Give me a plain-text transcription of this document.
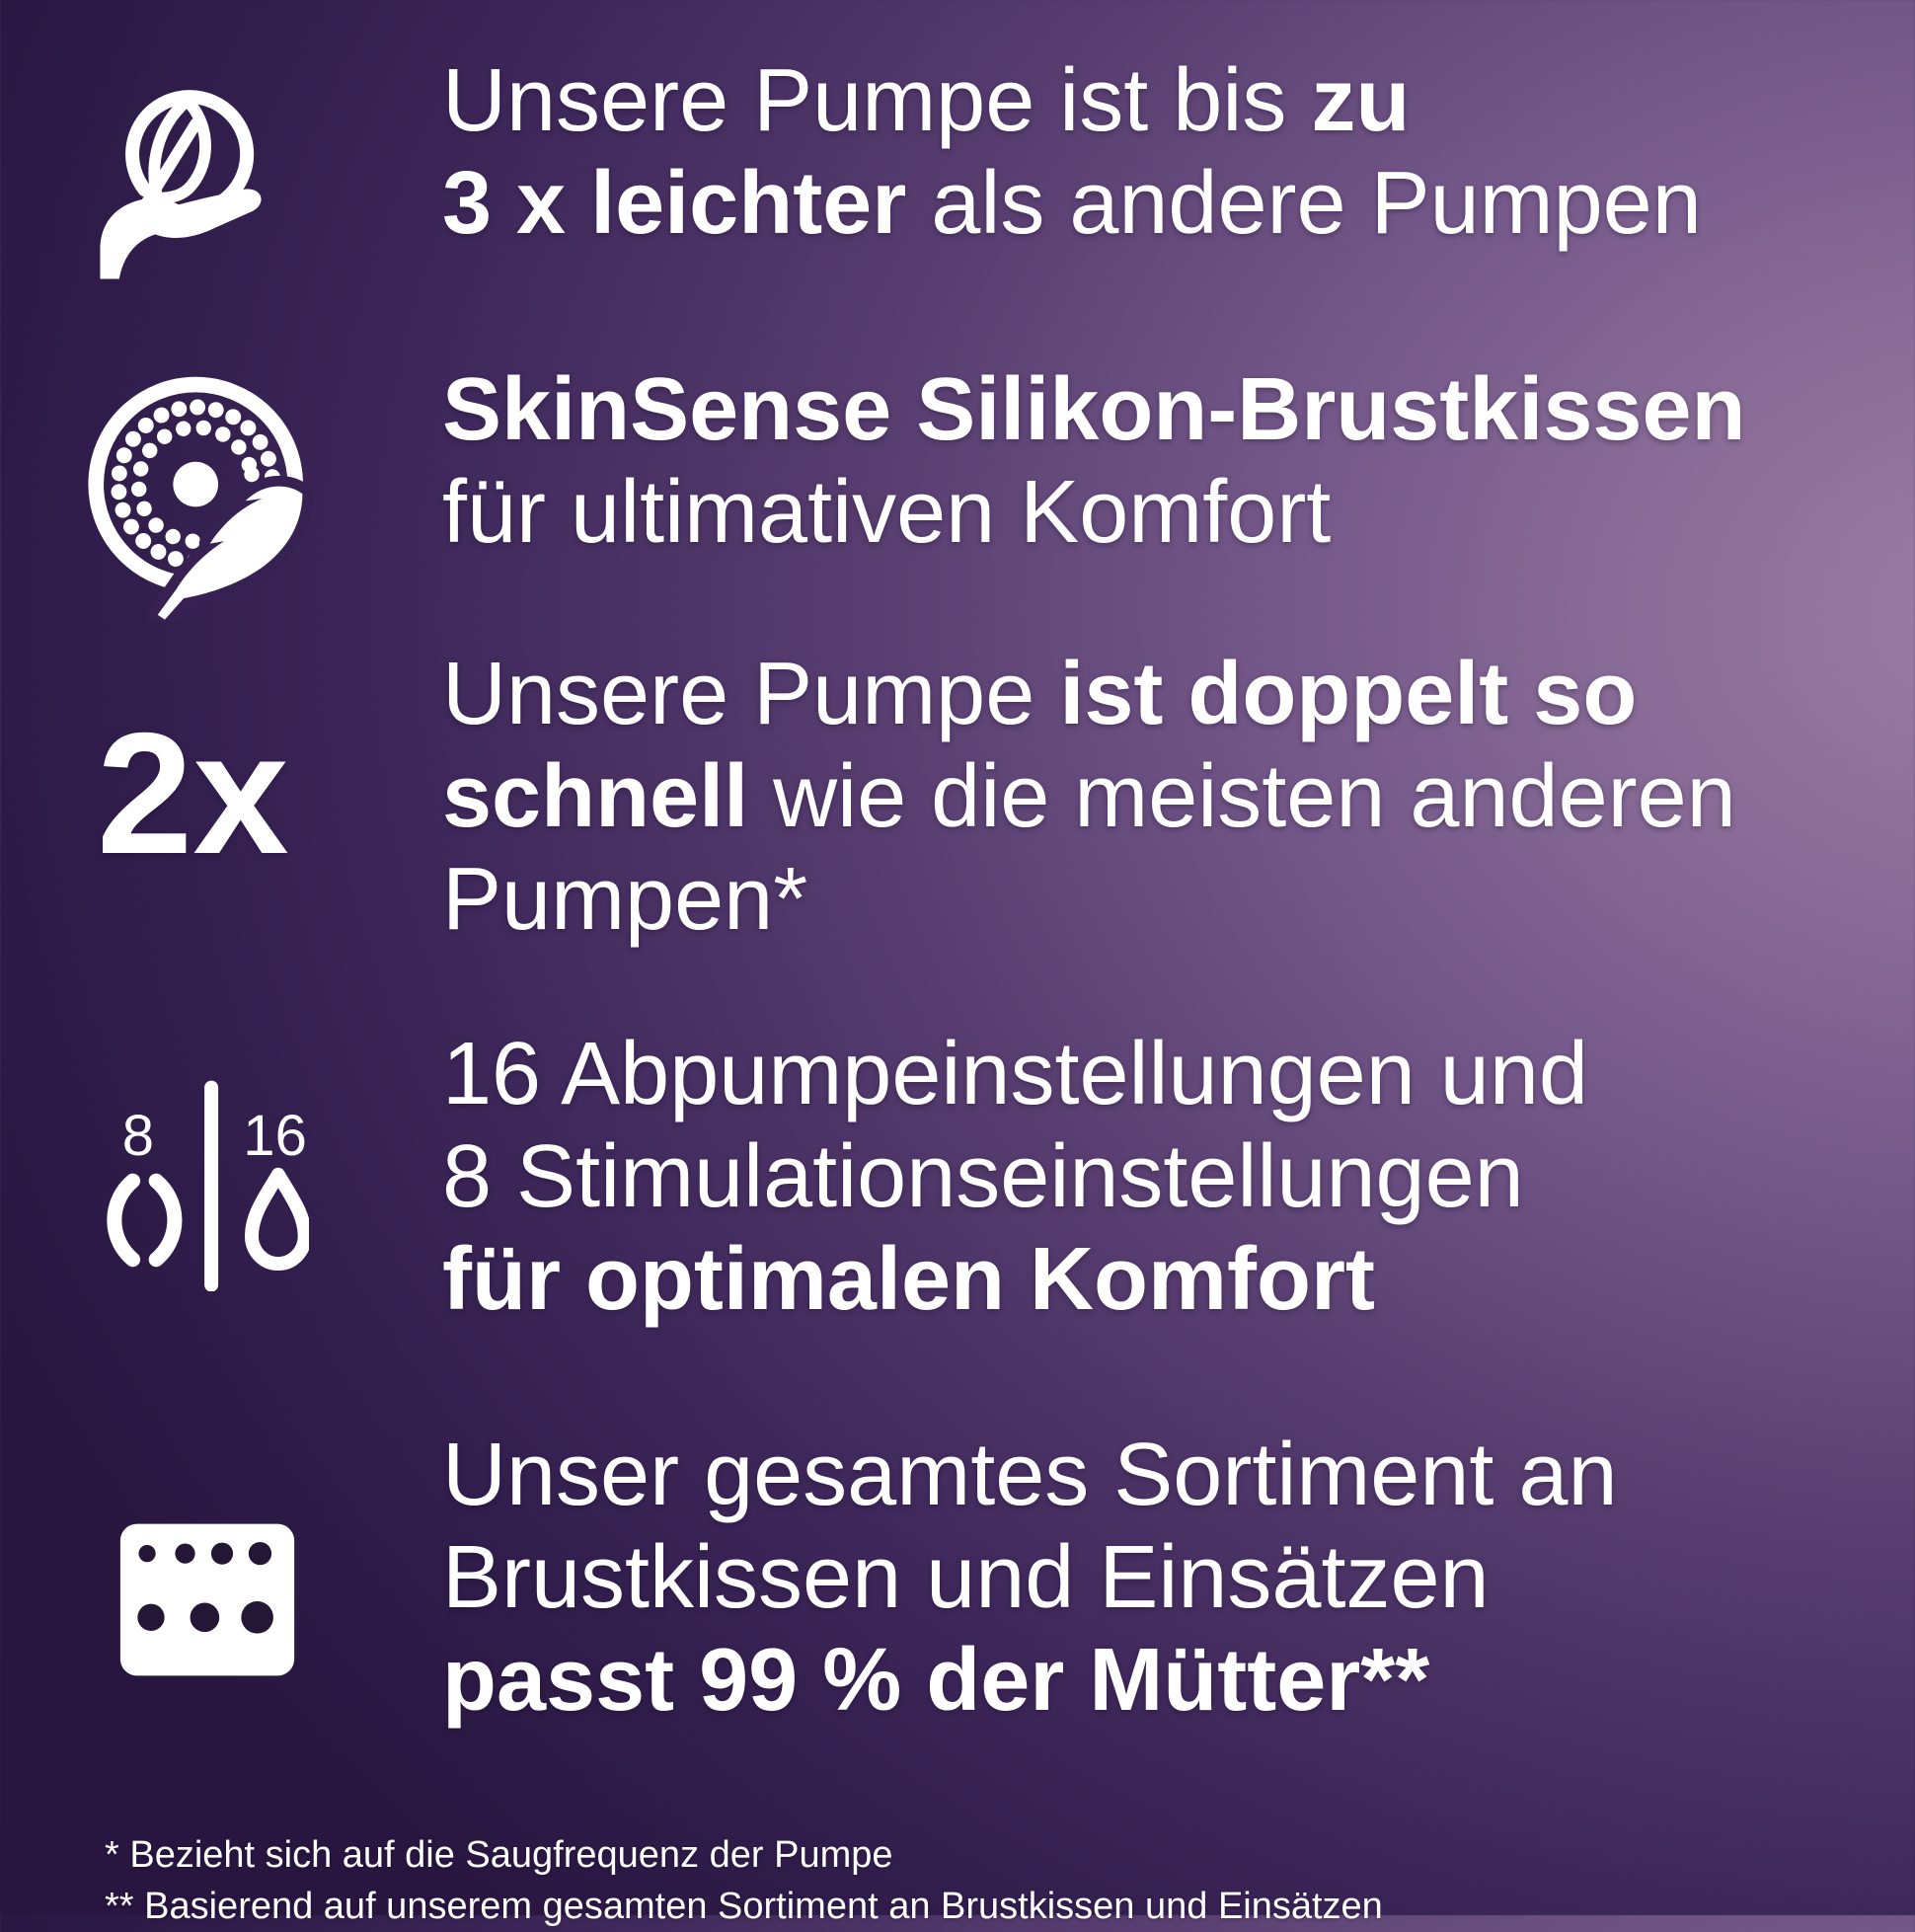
Unsere Pumpe ist bis zu
3 x leichter als andere Pumpen
SkinSense Silikon-Brustkissen
für ultimativen Komfort
2x
Unsere Pumpe ist doppelt so
schnell wie die meisten anderen
Pumpen*
8	16
16 Abpumpeinstellungen und
8 Stimulationseinstellungen
für optimalen Komfort
Unser gesamtes Sortiment an
Brustkissen und Einsätzen
passt 99 % der Mütter**
* Bezieht sich auf die Saugfrequenz der Pumpe
** Basierend auf unserem gesamten Sortiment an Brustkissen und Einsätzen
